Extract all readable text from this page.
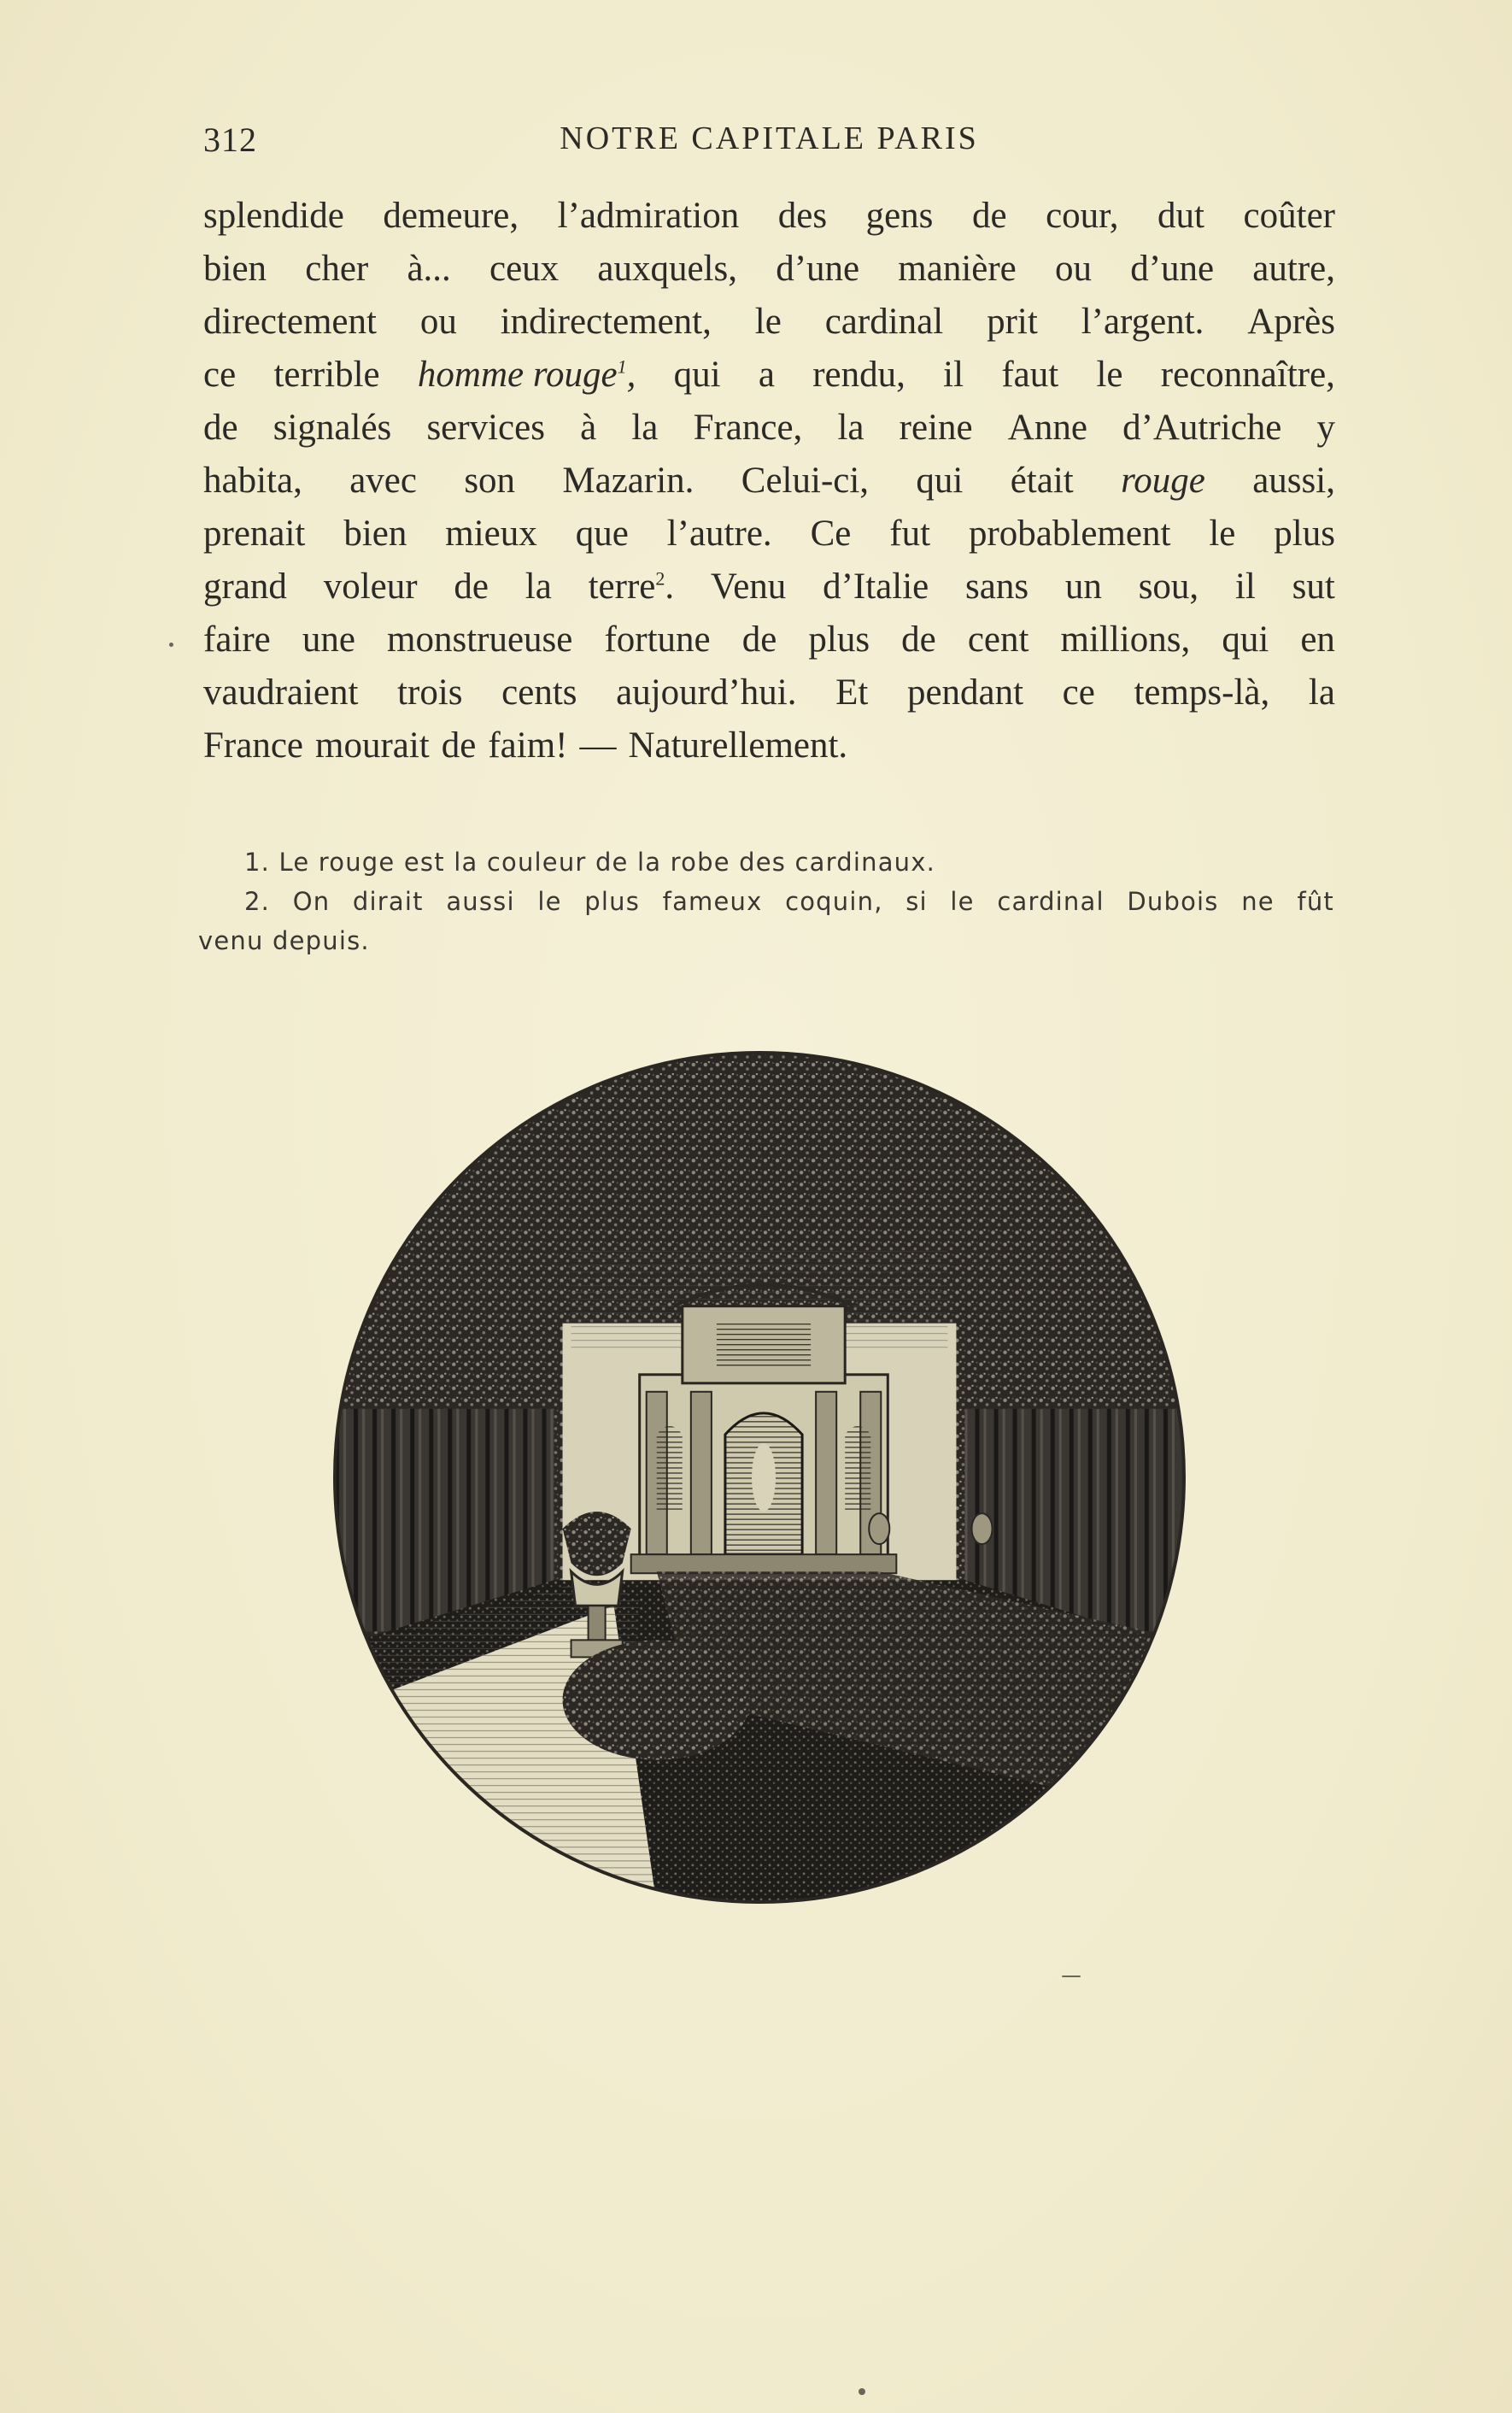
312	NOTRE CAPITALE PARIS
splendide demeure, l’admiration des gens de cour, dut coûter
bien cher à... ceux auxquels, d’une manière ou d’une autre,
directement ou indirectement, le cardinal prit l’argent. Après
ce terrible homme rouge$^1$, qui a rendu, il faut le reconnaître,
de signalés services à la France, la reine Anne d’Autriche y
habita, avec son Mazarin. Celui-ci, qui était rouge aussi,
prenait bien mieux que l’autre. Ce fut probablement le plus
grand voleur de la terre$^2$. Venu d’Italie sans un sou, il sut
faire une monstrueuse fortune de plus de cent millions, qui en
vaudraient trois cents aujourd’hui. Et pendant ce temps-là, la
France mourait de faim! — Naturellement.
1. Le rouge est la couleur de la robe des cardinaux.
2. On dirait aussi le plus fameux coquin, si le cardinal Dubois ne fût
venu depuis.
